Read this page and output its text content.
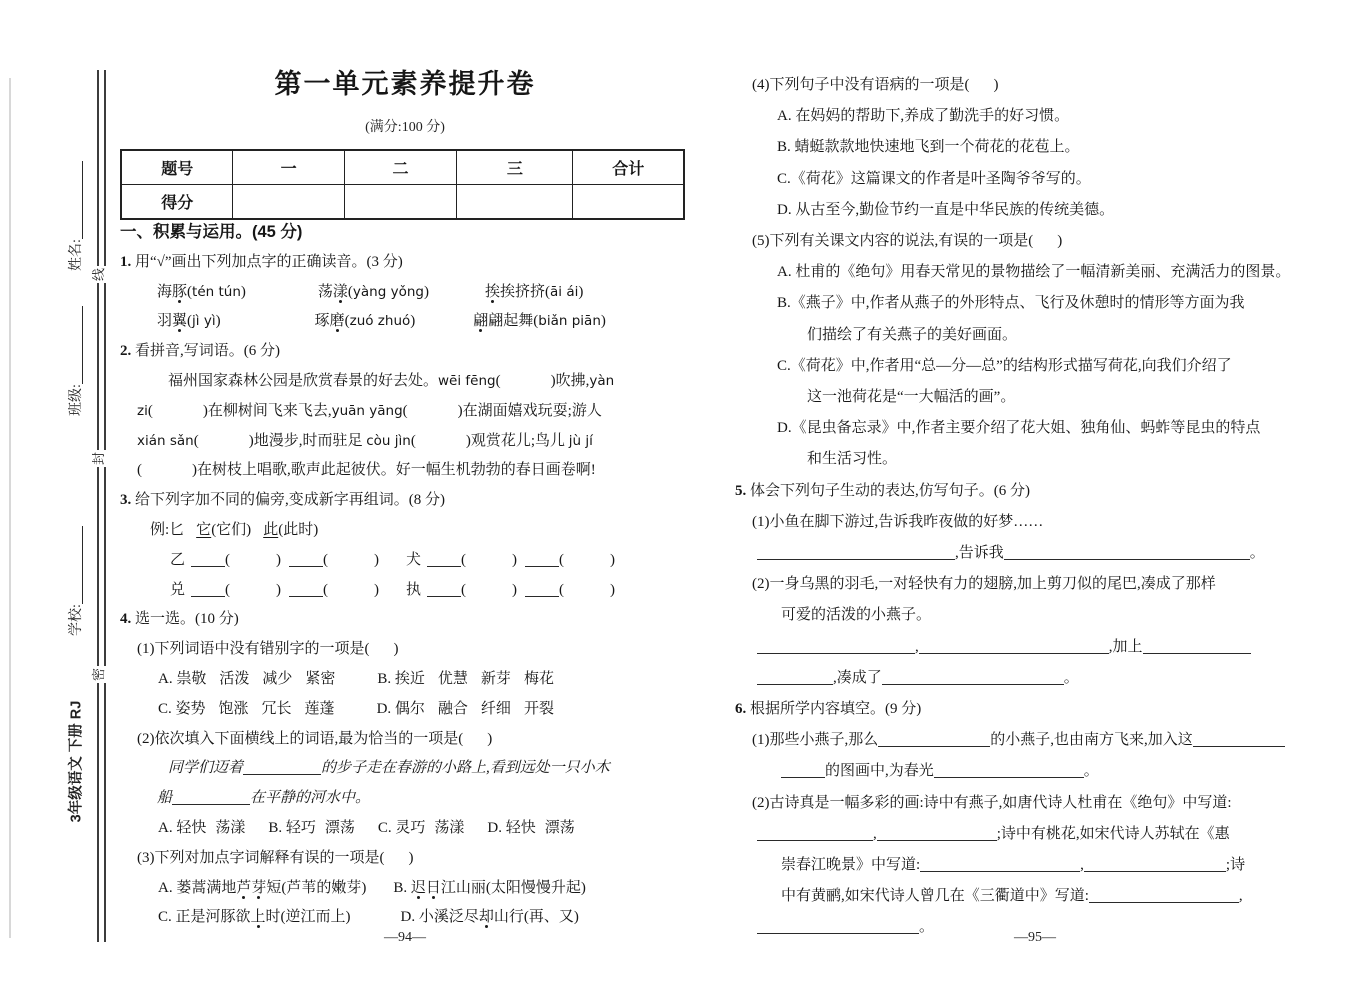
姓名:
班级:
学校:
3年级语文 下册 RJ
线
封
密
第一单元素养提升卷
(满分:100 分)
题号	一	二	三	合计
得分				
一、积累与运用。(45 分)
1. 用“√”画出下列加点字的正确读音。(3 分)
海豚(tén tún)	荡漾(yàng yǒng)	挨挨挤挤(āi ái)
羽翼(jì yì)	琢磨(zuó zhuó)	翩翩起舞(biǎn piān)
2. 看拼音,写词语。(6 分)
福州国家森林公园是欣赏春景的好去处。wēi fēng(	)吹拂,yàn
zi(	)在柳树间飞来飞去,yuān yāng(	)在湖面嬉戏玩耍;游人
xián sǎn(	)地漫步,时而驻足 còu jìn(	)观赏花儿;鸟儿 jù jí
(	)在树枝上唱歌,歌声此起彼伏。好一幅生机勃勃的春日画卷啊!
3. 给下列字加不同的偏旁,变成新字再组词。(8 分)
例:匕 它(它们) 此(此时)
乙	(	)	(	) 犬	(	)	(	)
兑	(	)	(	) 执	(	)	(	)
4. 选一选。(10 分)
(1)下列词语中没有错别字的一项是( )
A. 祟敬 活泼 减少 紧密	B. 挨近 优慧 新芽 梅花
C. 姿势 饱涨 冗长 莲蓬	D. 偶尔 融合 纤细 开裂
(2)依次填入下面横线上的词语,最为恰当的一项是( )
同学们迈着	的步子走在春游的小路上,看到远处一只小木
船	在平静的河水中。
A. 轻快 荡漾 B. 轻巧 漂荡 C. 灵巧 荡漾 D. 轻快 漂荡
(3)下列对加点字词解释有误的一项是( )
A. 蒌蒿满地芦芽短(芦苇的嫩芽) B. 迟日江山丽(太阳慢慢升起)
C. 正是河豚欲上时(逆江而上)	D. 小溪泛尽却山行(再、又)
—94—
(4)下列句子中没有语病的一项是( )
A. 在妈妈的帮助下,养成了勤洗手的好习惯。
B. 蜻蜓款款地快速地飞到一个荷花的花苞上。
C.《荷花》这篇课文的作者是叶圣陶爷爷写的。
D. 从古至今,勤俭节约一直是中华民族的传统美德。
(5)下列有关课文内容的说法,有误的一项是( )
A. 杜甫的《绝句》用春天常见的景物描绘了一幅清新美丽、充满活力的图景。
B.《燕子》中,作者从燕子的外形特点、飞行及休憩时的情形等方面为我
们描绘了有关燕子的美好画面。
C.《荷花》中,作者用“总—分—总”的结构形式描写荷花,向我们介绍了
这一池荷花是“一大幅活的画”。
D.《昆虫备忘录》中,作者主要介绍了花大姐、独角仙、蚂蚱等昆虫的特点
和生活习性。
5. 体会下列句子生动的表达,仿写句子。(6 分)
(1)小鱼在脚下游过,告诉我昨夜做的好梦……
,告诉我	。
(2)一身乌黑的羽毛,一对轻快有力的翅膀,加上剪刀似的尾巴,凑成了那样
可爱的活泼的小燕子。
,	,加上
,凑成了	。
6. 根据所学内容填空。(9 分)
(1)那些小燕子,那么	的小燕子,也由南方飞来,加入这
的图画中,为春光	。
(2)古诗真是一幅多彩的画:诗中有燕子,如唐代诗人杜甫在《绝句》中写道:
,	;诗中有桃花,如宋代诗人苏轼在《惠
崇春江晚景》中写道:	,	;诗
中有黄鹂,如宋代诗人曾几在《三衢道中》写道:	,
。
—95—
